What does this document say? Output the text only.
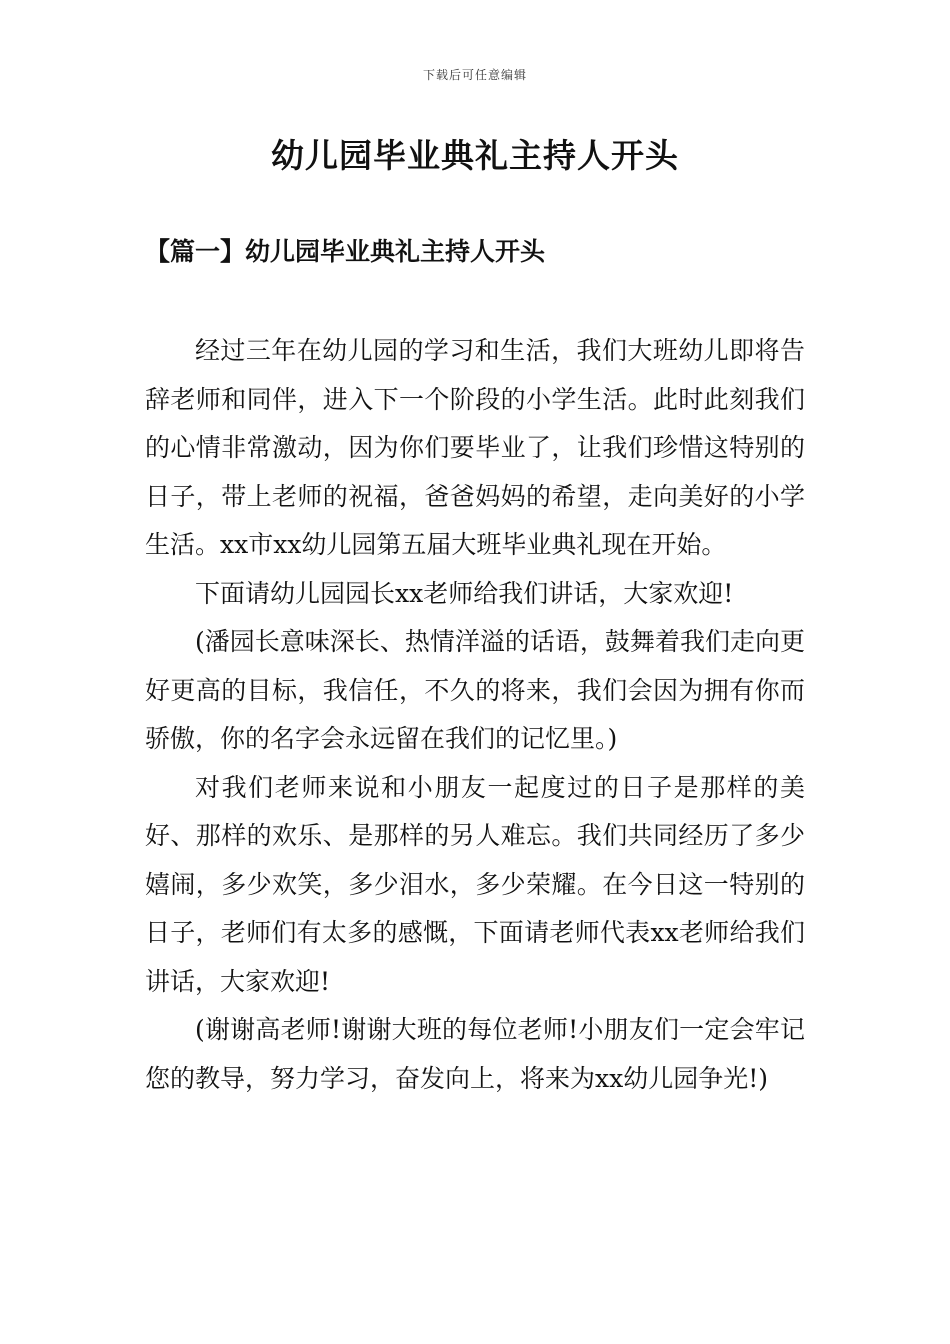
下载后可任意编辑
幼儿园毕业典礼主持人开头
【篇一】幼儿园毕业典礼主持人开头

经过三年在幼儿园的学习和生活，我们大班幼儿即将告辞老师和同伴，进入下一个阶段的小学生活。此时此刻我们的心情非常激动，因为你们要毕业了，让我们珍惜这特别的日子，带上老师的祝福，爸爸妈妈的希望，走向美好的小学生活。xx市xx幼儿园第五届大班毕业典礼现在开始。

下面请幼儿园园长xx老师给我们讲话，大家欢迎!

(潘园长意味深长、热情洋溢的话语，鼓舞着我们走向更好更高的目标，我信任，不久的将来，我们会因为拥有你而骄傲，你的名字会永远留在我们的记忆里。)

对我们老师来说和小朋友一起度过的日子是那样的美好、那样的欢乐、是那样的另人难忘。我们共同经历了多少嬉闹，多少欢笑，多少泪水，多少荣耀。在今日这一特别的日子，老师们有太多的感慨，下面请老师代表xx老师给我们讲话，大家欢迎!

(谢谢高老师!谢谢大班的每位老师!小朋友们一定会牢记您的教导，努力学习，奋发向上，将来为xx幼儿园争光!)
